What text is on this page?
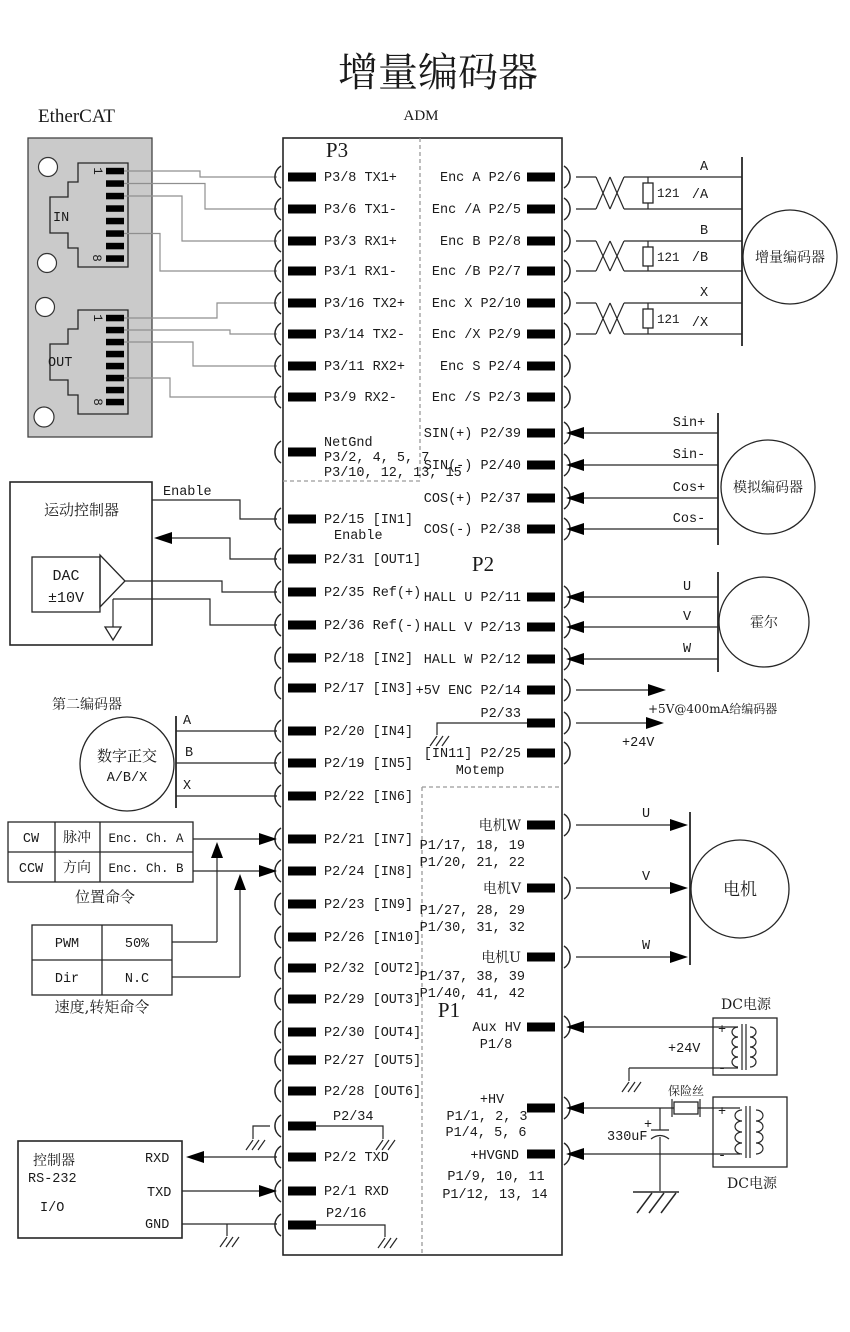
增量编码器
EtherCAT
IN
1
8
OUT
1
8
ADM
P3
P2
P1
P3/8 TX1+
P3/6 TX1-
P3/3 RX1+
P3/1 RX1-
P3/16 TX2+
P3/14 TX2-
P3/11 RX2+
P3/9 RX2-
NetGnd
P3/2, 4, 5, 7
P3/10, 12, 13, 15
P2/15 [IN1]
Enable
P2/31 [OUT1]
P2/35 Ref(+)
P2/36 Ref(-)
P2/18 [IN2]
P2/17 [IN3]
P2/20 [IN4]
P2/19 [IN5]
P2/22 [IN6]
P2/21 [IN7]
P2/24 [IN8]
P2/23 [IN9]
P2/26 [IN10]
P2/32 [OUT2]
P2/29 [OUT3]
P2/30 [OUT4]
P2/27 [OUT5]
P2/28 [OUT6]
P2/34
P2/2 TXD
P2/1 RXD
P2/16
Enc A P2/6
Enc /A P2/5
Enc B P2/8
Enc /B P2/7
Enc X P2/10
Enc /X P2/9
Enc S P2/4
Enc /S P2/3
SIN(+) P2/39
SIN(-) P2/40
COS(+) P2/37
COS(-) P2/38
HALL U P2/11
HALL V P2/13
HALL W P2/12
+5V ENC P2/14
P2/33
[IN11] P2/25
Motemp
电机W
P1/17, 18, 19
P1/20, 21, 22
电机V
P1/27, 28, 29
P1/30, 31, 32
电机U
P1/37, 38, 39
P1/40, 41, 42
Aux HV
P1/8
+HV
P1/1, 2, 3
P1/4, 5, 6
+HVGND
P1/9, 10, 11
P1/12, 13, 14
121
A
/A
121
B
/B
121
X
/X
增量编码器
Sin+
Sin-
Cos+
Cos-
模拟编码器
U
V
W
霍尔
+5V@400mA给编码器
+24V
U
V
W
电机
DC电源
+
-
+24V
保险丝
+
330uF
+
-
DC电源
运动控制器
DAC
±10V
Enable
第二编码器
数字正交
A/B/X
A
B
X
CW 脉冲 Enc. Ch. A
CCW 方向 Enc. Ch. B
位置命令
PWM	50%
Dir	N.C
速度,转矩命令
控制器
RS-232
I/O
RXD
TXD
GND
